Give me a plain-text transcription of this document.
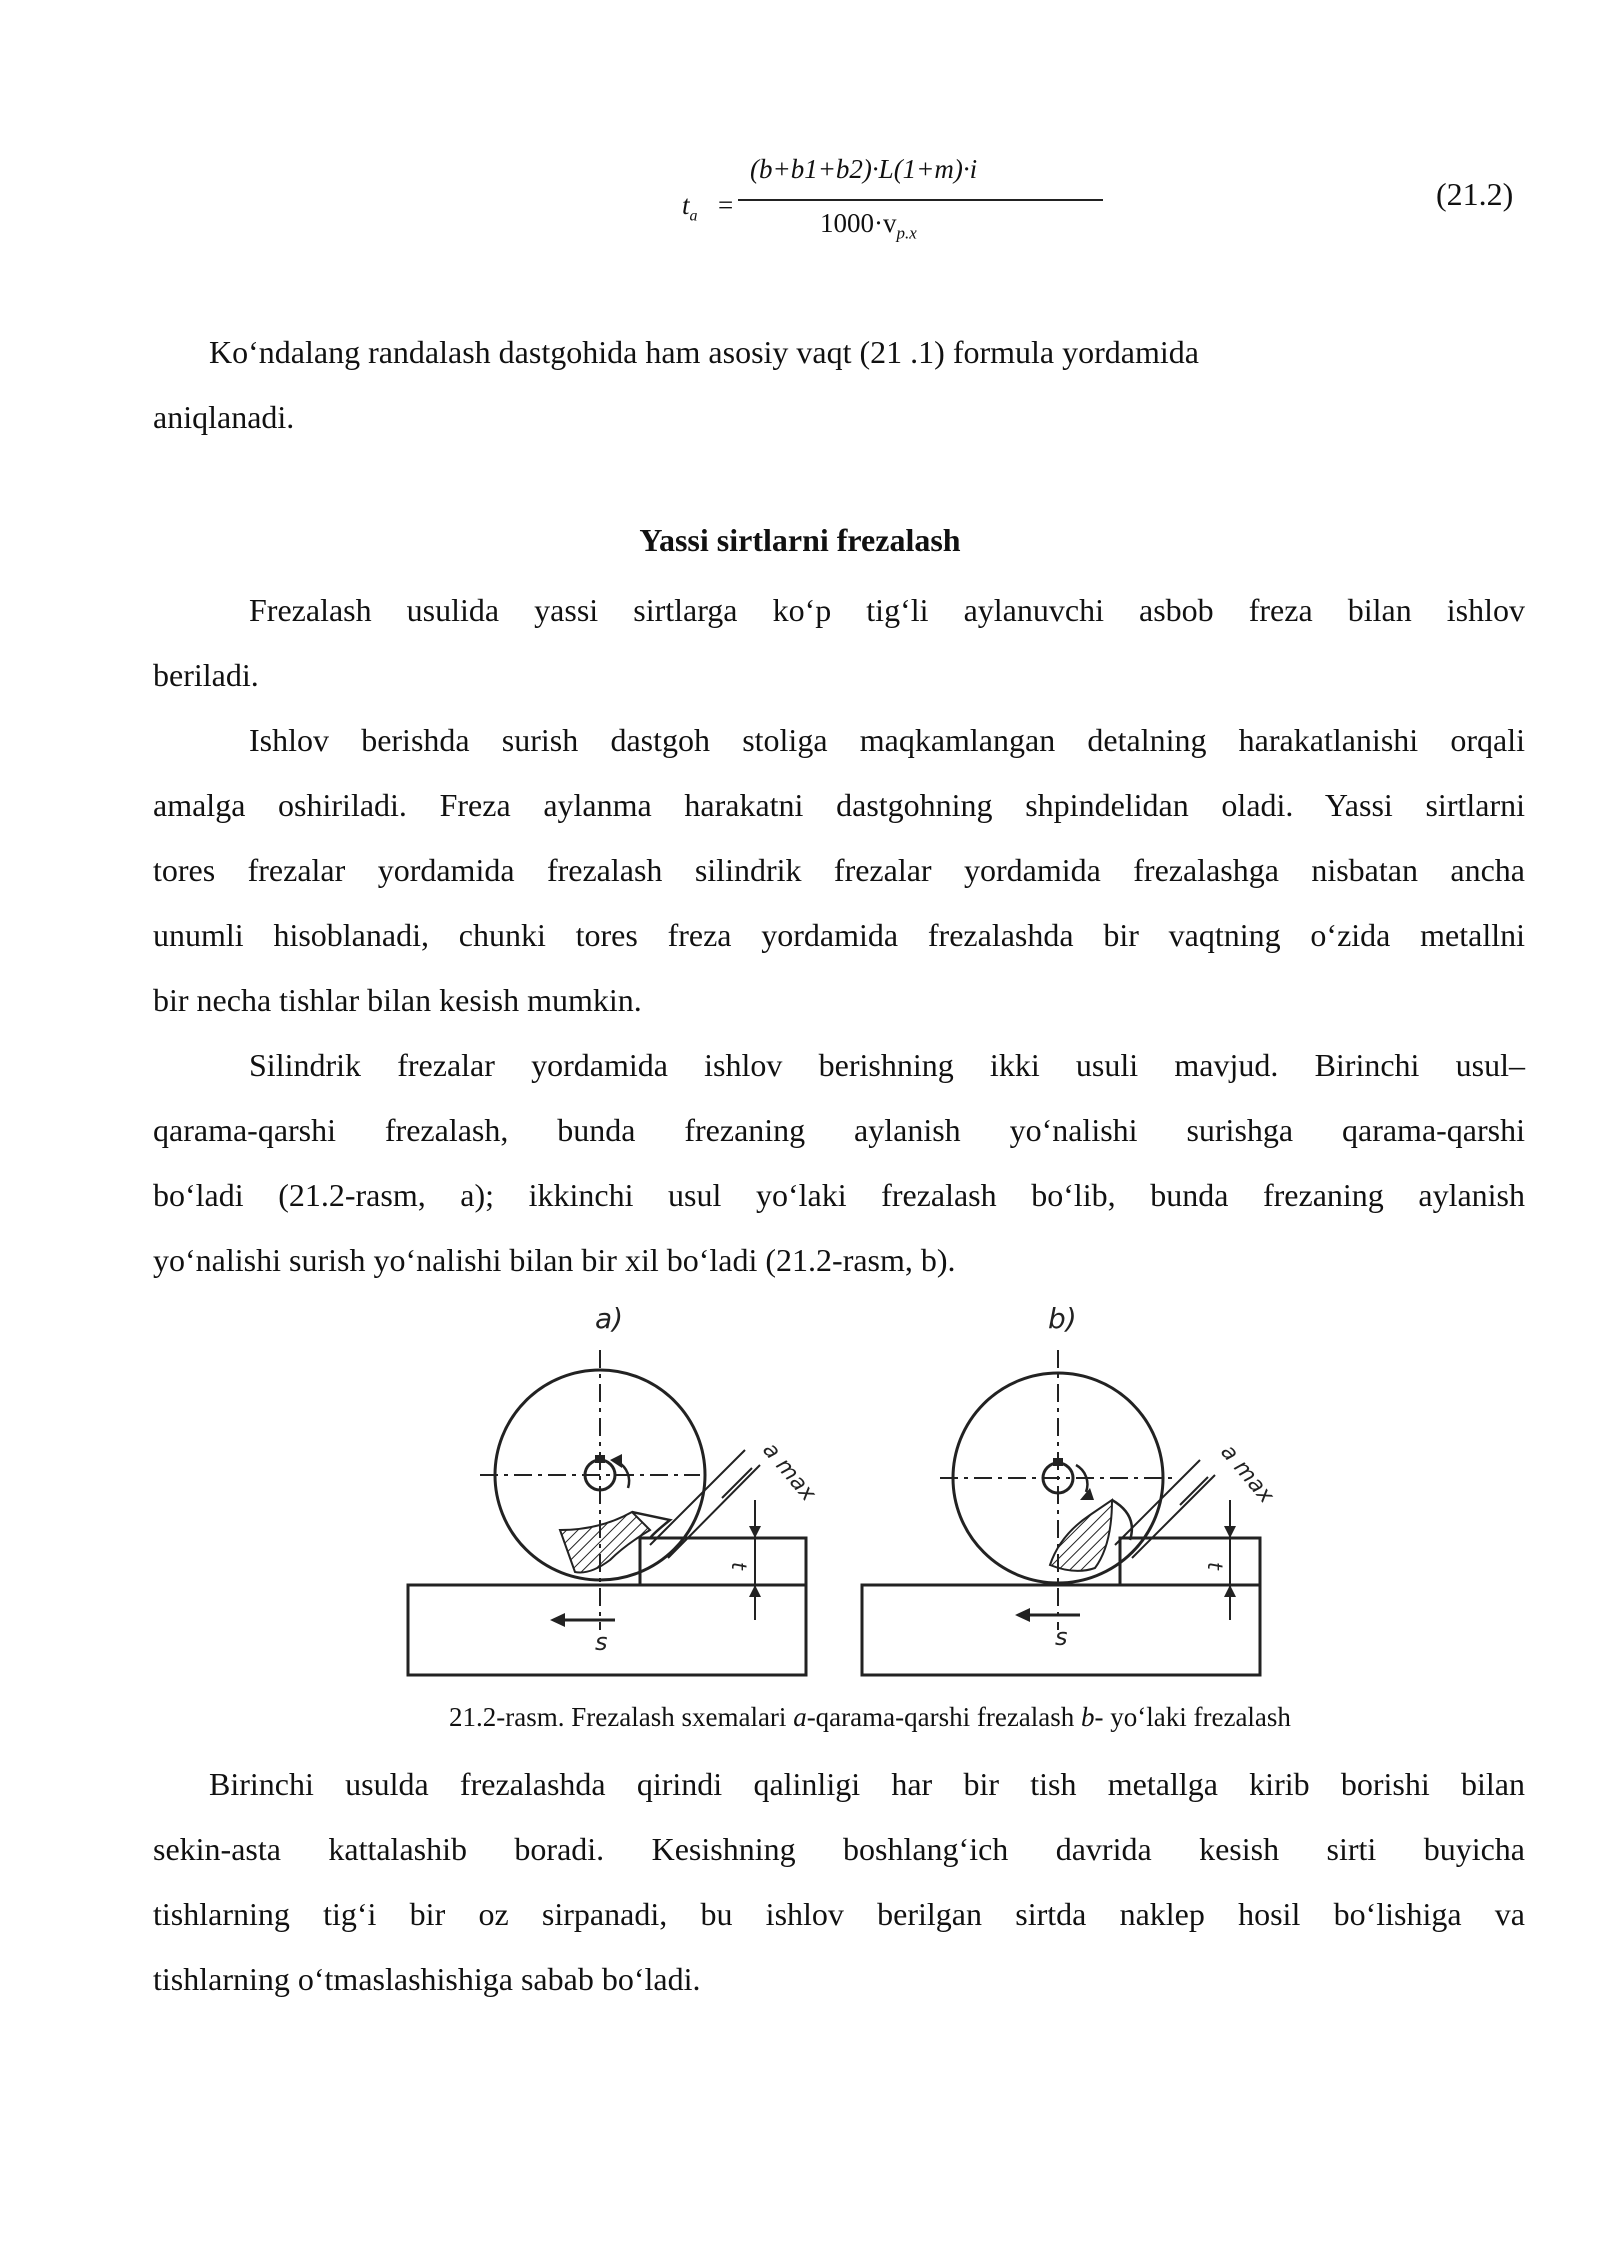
$t_a$ =
(b+b1+b2)·L(1+m)·i
$1000\cdot v_{p.x}$
(21.2)
Ko‘ndalang randalash dastgohida ham asosiy vaqt (21 .1) formula yordamida
aniqlanadi.
Yassi sirtlarni frezalash
Frezalash usulida yassi sirtlarga ko‘p tig‘li aylanuvchi asbob freza bilan ishlov
beriladi.
Ishlov berishda surish dastgoh stoliga maqkamlangan detalning harakatlanishi orqali
amalga oshiriladi. Freza aylanma harakatni dastgohning shpindelidan oladi. Yassi sirtlarni
tores frezalar yordamida frezalash silindrik frezalar yordamida frezalashga nisbatan ancha
unumli hisoblanadi, chunki tores freza yordamida frezalashda bir vaqtning o‘zida metallni
bir necha tishlar bilan kesish mumkin.
Silindrik frezalar yordamida ishlov berishning ikki usuli mavjud. Birinchi usul–
qarama-qarshi frezalash, bunda frezaning aylanish yo‘nalishi surishga qarama-qarshi
bo‘ladi (21.2-rasm, a); ikkinchi usul yo‘laki frezalash bo‘lib, bunda frezaning aylanish
yo‘nalishi surish yo‘nalishi bilan bir xil bo‘ladi (21.2-rasm, b).
a)
a max
t
s
b)
a max
t
s
21.2-rasm. Frezalash sxemalari a-qarama-qarshi frezalash b- yo‘laki frezalash
Birinchi usulda frezalashda qirindi qalinligi har bir tish metallga kirib borishi bilan
sekin-asta kattalashib boradi. Kesishning boshlang‘ich davrida kesish sirti buyicha
tishlarning tig‘i bir oz sirpanadi, bu ishlov berilgan sirtda naklep hosil bo‘lishiga va
tishlarning o‘tmaslashishiga sabab bo‘ladi.
